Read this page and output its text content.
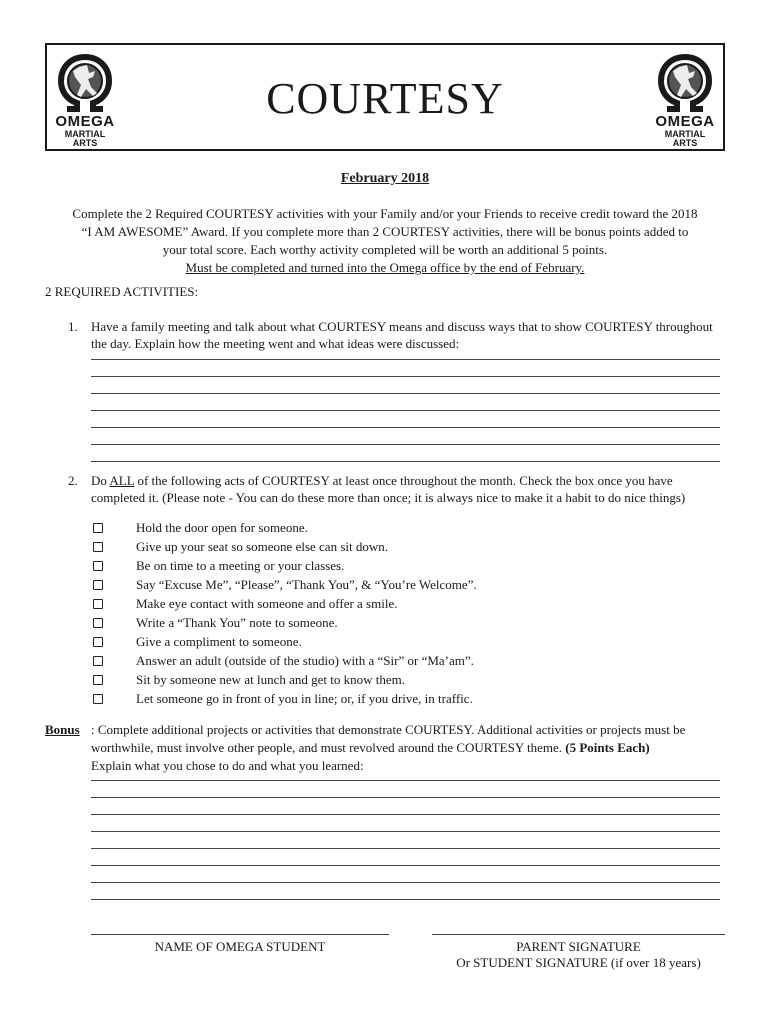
OMEGA
MARTIAL ARTS
COURTESY	OMEGA
MARTIAL ARTS
February 2018
Complete the 2 Required COURTESY activities with your Family and/or your Friends to receive credit toward the 2018 “I AM AWESOME” Award. If you complete more than 2 COURTESY activities, there will be bonus points added to your total score. Each worthy activity completed will be worth an additional 5 points.
Must be completed and turned into the Omega office by the end of February.
2 REQUIRED ACTIVITIES:
1. Have a family meeting and talk about what COURTESY means and discuss ways that to show COURTESY throughout the day. Explain how the meeting went and what ideas were discussed:
2. Do ALL of the following acts of COURTESY at least once throughout the month. Check the box once you have completed it. (Please note - You can do these more than once; it is always nice to make it a habit to do nice things)
Hold the door open for someone.
Give up your seat so someone else can sit down.
Be on time to a meeting or your classes.
Say “Excuse Me”, “Please”, “Thank You”, & “You’re Welcome”.
Make eye contact with someone and offer a smile.
Write a “Thank You” note to someone.
Give a compliment to someone.
Answer an adult (outside of the studio) with a “Sir” or “Ma’am”.
Sit by someone new at lunch and get to know them.
Let someone go in front of you in line; or, if you drive, in traffic.
Bonus : Complete additional projects or activities that demonstrate COURTESY. Additional activities or projects must be worthwhile, must involve other people, and must revolved around the COURTESY theme. (5 Points Each)
Explain what you chose to do and what you learned:
NAME OF OMEGA STUDENT	PARENT SIGNATURE
Or STUDENT SIGNATURE (if over 18 years)
